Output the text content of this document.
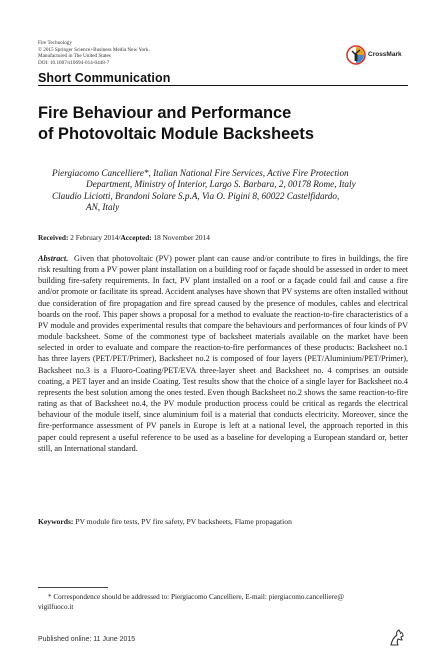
Fire Technology
© 2015 Springer Science+Business Media New York.
Manufactured in The United States
DOI: 10.1007/s10694-014-0448-7
CrossMark
Short Communication
Fire Behaviour and Performance
of Photovoltaic Module Backsheets
Piergiacomo Cancelliere*, Italian National Fire Services, Active Fire Protection
Department, Ministry of Interior, Largo S. Barbara, 2, 00178 Rome, Italy
Claudio Liciotti, Brandoni Solare S.p.A, Via O. Pigini 8, 60022 Castelfidardo,
AN, Italy
Received: 2 February 2014/Accepted: 18 November 2014
Abstract. Given that photovoltaic (PV) power plant can cause and/or contribute to fires in buildings, the fire risk resulting from a PV power plant installation on a building roof or façade should be assessed in order to meet building fire-safety requirements. In fact, PV plant installed on a roof or a façade could fail and cause a fire and/or promote or facilitate its spread. Accident analyses have shown that PV systems are often installed without due consideration of fire propagation and fire spread caused by the presence of modules, cables and electrical boards on the roof. This paper shows a proposal for a method to evaluate the reaction-to-fire characteristics of a PV module and provides experimental results that compare the behaviours and performances of four kinds of PV module backsheet. Some of the commonest type of backsheet materials available on the market have been selected in order to evaluate and compare the reaction-to-fire performances of these products: Backsheet no.1 has three layers (PET/PET/Primer), Backsheet no.2 is composed of four layers (PET/Aluminium/PET/Primer), Backsheet no.3 is a Fluoro-Coating/PET/EVA three-layer sheet and Backsheet no. 4 comprises an outside coating, a PET layer and an inside Coating. Test results show that the choice of a single layer for Backsheet no.4 represents the best solution among the ones tested. Even though Backsheet no.2 shows the same reaction-to-fire rating as that of Backsheet no.4, the PV module production process could be critical as regards the electrical behaviour of the module itself, since aluminium foil is a material that conducts electricity. Moreover, since the fire-performance assessment of PV panels in Europe is left at a national level, the approach reported in this paper could represent a useful reference to be used as a baseline for developing a European standard or, better still, an International standard.
Keywords: PV module fire tests, PV fire safety, PV backsheets, Flame propagation
* Correspondence should be addressed to: Piergiacomo Cancelliere, E-mail: piergiacomo.cancelliere@
vigilfuoco.it
Published online: 11 June 2015
